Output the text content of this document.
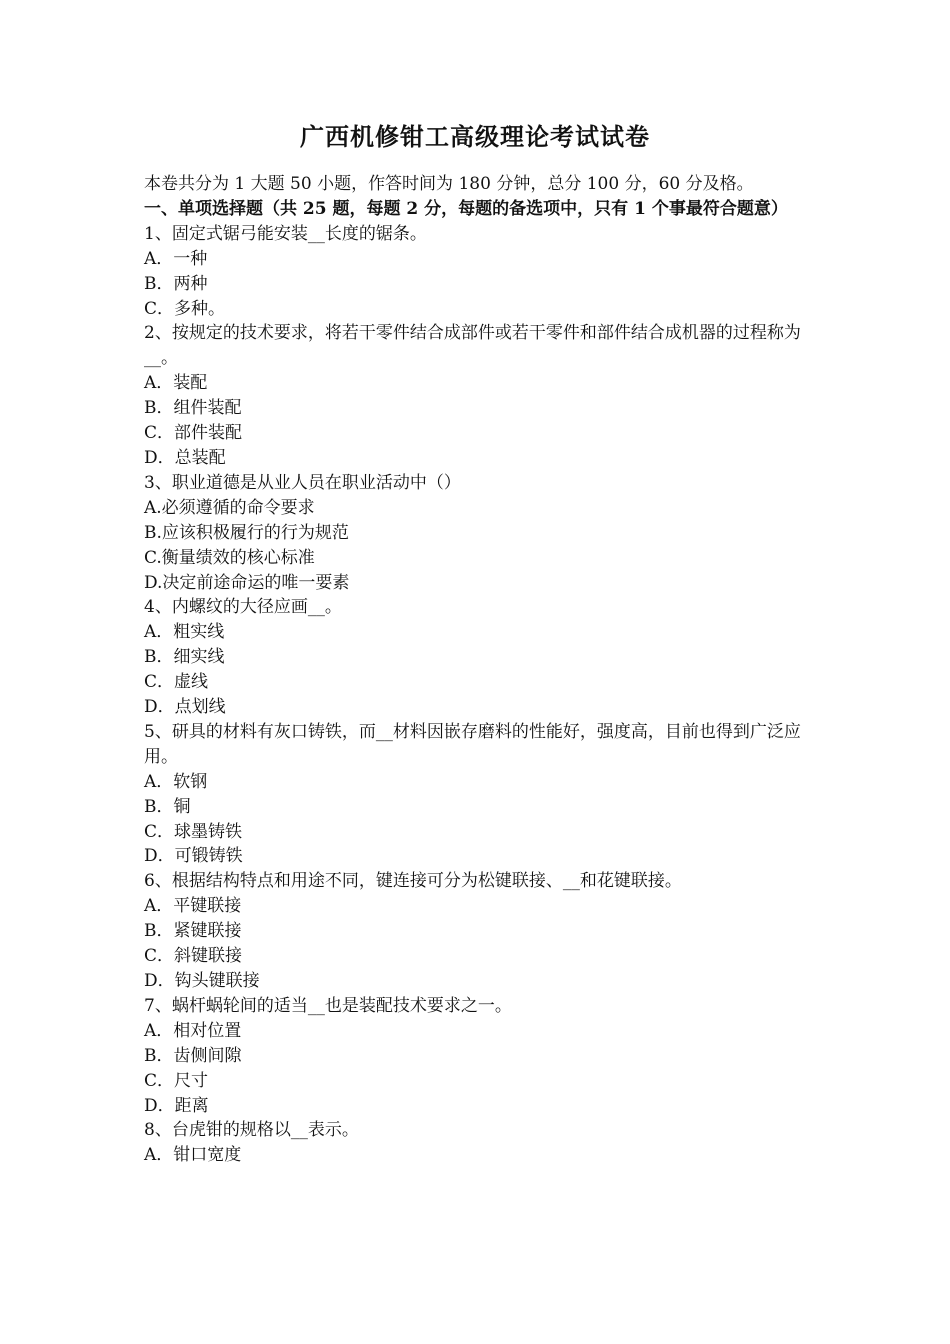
广西机修钳工高级理论考试试卷

本卷共分为 1 大题 50 小题，作答时间为 180 分钟，总分 100 分，60 分及格。

一、单项选择题（共 25 题，每题 2 分，每题的备选项中，只有 1 个事最符合题意）

1、固定式锯弓能安装__长度的锯条。

A．一种

B．两种

C．多种。

2、按规定的技术要求，将若干零件结合成部件或若干零件和部件结合成机器的过程称为__。

A．装配

B．组件装配

C．部件装配

D．总装配

3、职业道德是从业人员在职业活动中（）

A.必须遵循的命令要求

B.应该积极履行的行为规范

C.衡量绩效的核心标准

D.决定前途命运的唯一要素

4、内螺纹的大径应画__。

A．粗实线

B．细实线

C．虚线

D．点划线

5、研具的材料有灰口铸铁，而__材料因嵌存磨料的性能好，强度高，目前也得到广泛应用。

A．软钢

B．铜

C．球墨铸铁

D．可锻铸铁

6、根据结构特点和用途不同，键连接可分为松键联接、__和花键联接。

A．平键联接

B．紧键联接

C．斜键联接

D．钩头键联接

7、蜗杆蜗轮间的适当__也是装配技术要求之一。

A．相对位置

B．齿侧间隙

C．尺寸

D．距离

8、台虎钳的规格以__表示。

A．钳口宽度
